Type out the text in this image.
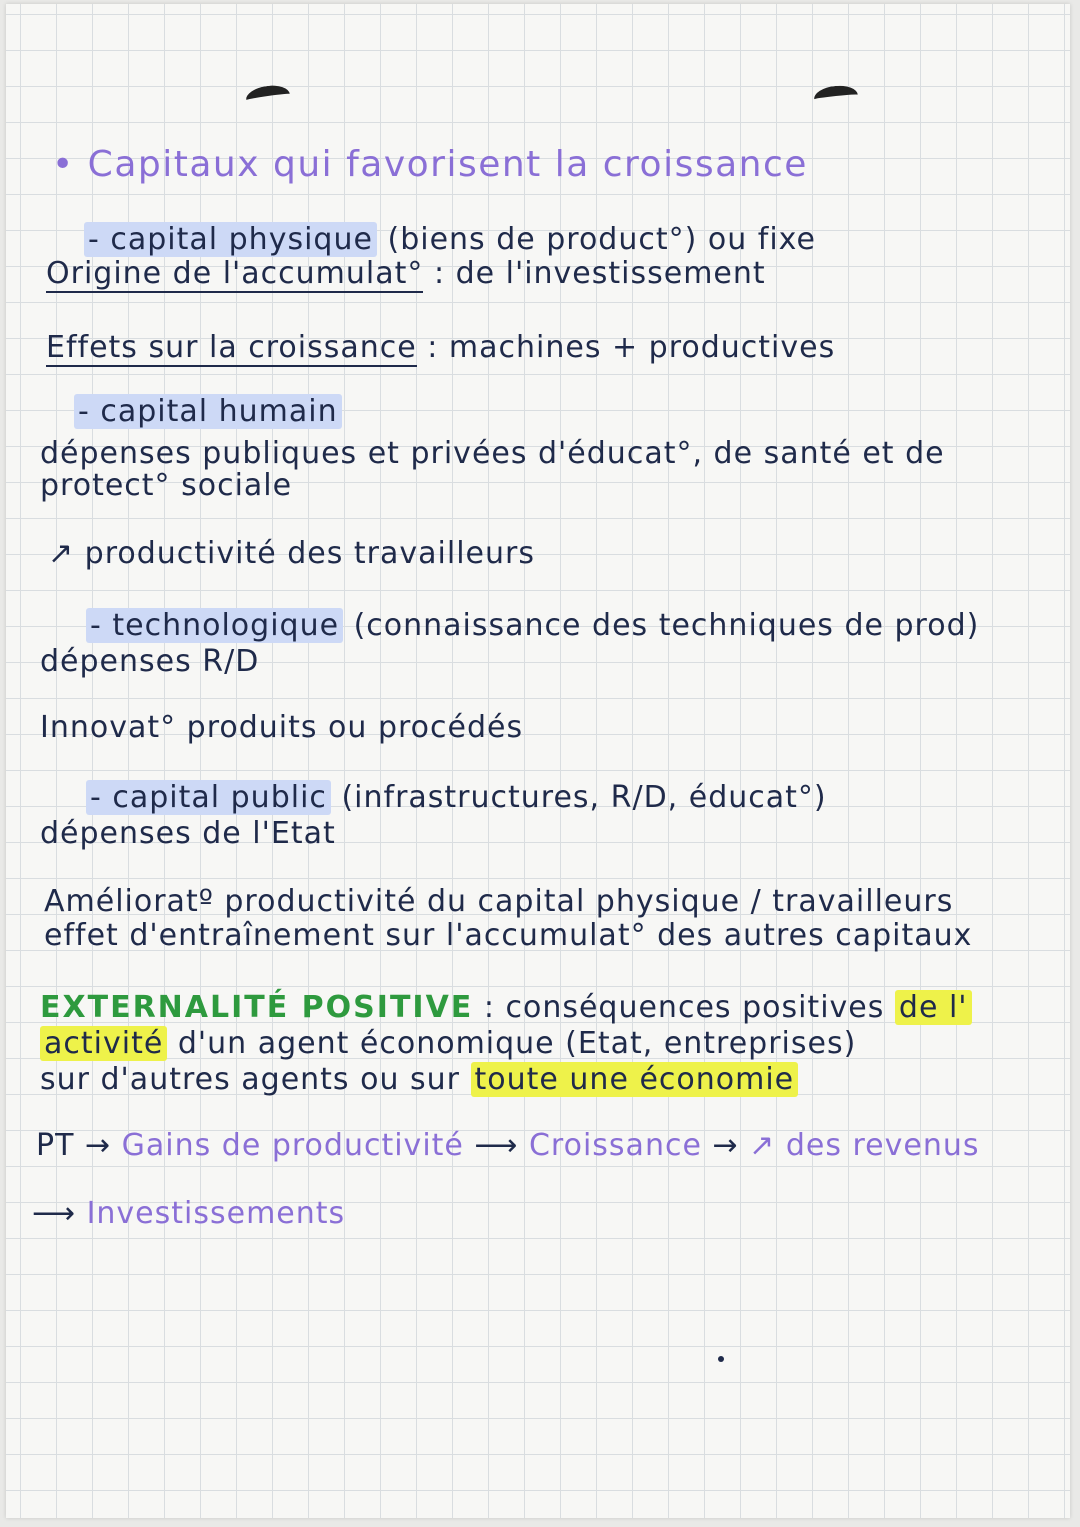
• Capitaux qui favorisent la croissance
- capital physique (biens de product°) ou fixe
Origine de l'accumulat° : de l'investissement
Effets sur la croissance : machines + productives
- capital humain
dépenses publiques et privées d'éducat°, de santé et de
protect° sociale
↗ productivité des travailleurs
- technologique (connaissance des techniques de prod)
dépenses R/D
Innovat° produits ou procédés
- capital public (infrastructures, R/D, éducat°)
dépenses de l'Etat
Amélioratº productivité du capital physique / travailleurs
effet d'entraînement sur l'accumulat° des autres capitaux
EXTERNALITÉ POSITIVE : conséquences positives de l'
activité d'un agent économique (Etat, entreprises)
sur d'autres agents ou sur toute une économie
PT → Gains de productivité ⟶ Croissance → ↗ des revenus
⟶ Investissements
